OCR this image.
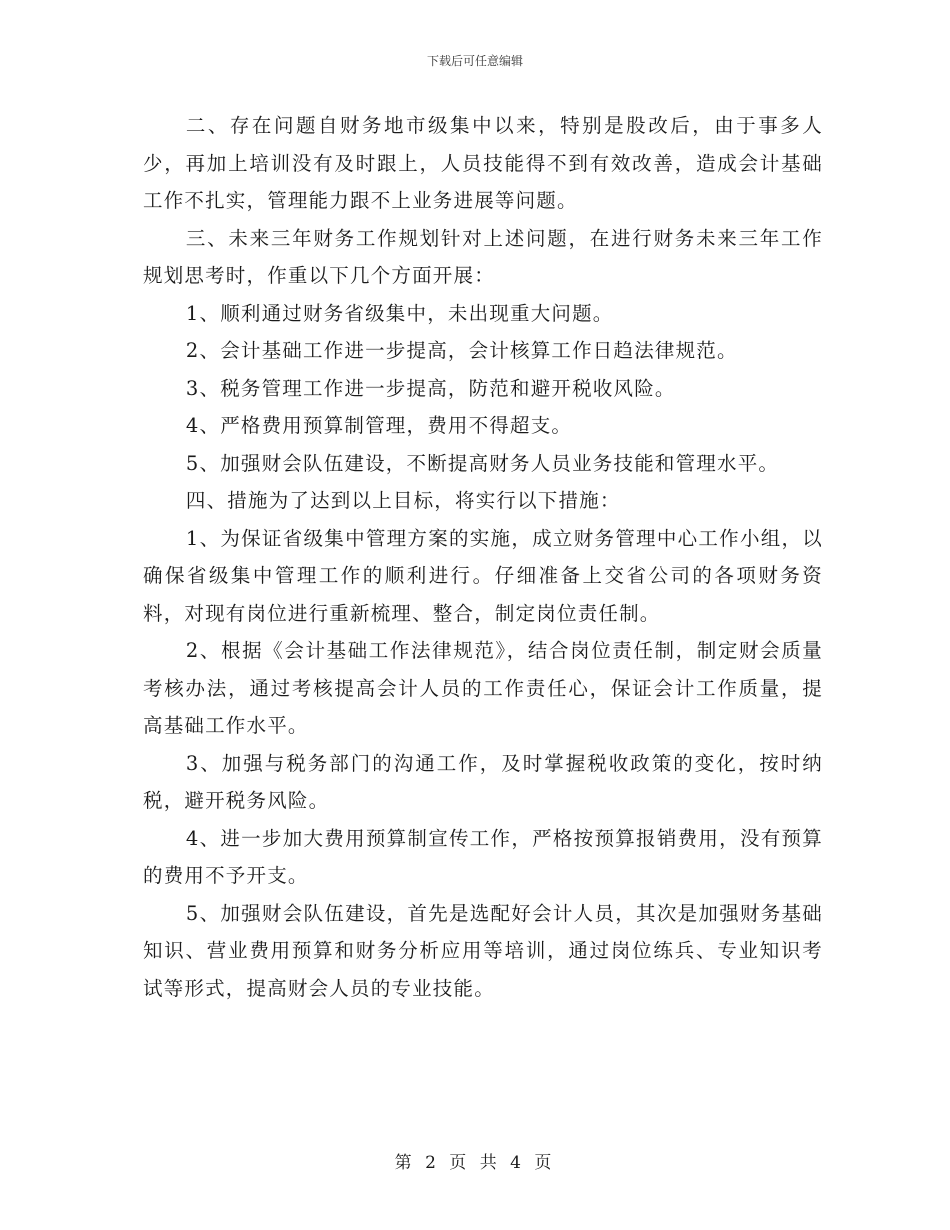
下载后可任意编辑

二、存在问题自财务地市级集中以来，特别是股改后，由于事多人少，再加上培训没有及时跟上，人员技能得不到有效改善，造成会计基础工作不扎实，管理能力跟不上业务进展等问题。

三、未来三年财务工作规划针对上述问题，在进行财务未来三年工作规划思考时，作重以下几个方面开展：

1、顺利通过财务省级集中，未出现重大问题。

2、会计基础工作进一步提高，会计核算工作日趋法律规范。

3、税务管理工作进一步提高，防范和避开税收风险。

4、严格费用预算制管理，费用不得超支。

5、加强财会队伍建设，不断提高财务人员业务技能和管理水平。

四、措施为了达到以上目标，将实行以下措施：

1、为保证省级集中管理方案的实施，成立财务管理中心工作小组，以确保省级集中管理工作的顺利进行。仔细准备上交省公司的各项财务资料，对现有岗位进行重新梳理、整合，制定岗位责任制。

2、根据《会计基础工作法律规范》，结合岗位责任制，制定财会质量考核办法，通过考核提高会计人员的工作责任心，保证会计工作质量，提高基础工作水平。

3、加强与税务部门的沟通工作，及时掌握税收政策的变化，按时纳税，避开税务风险。

4、进一步加大费用预算制宣传工作，严格按预算报销费用，没有预算的费用不予开支。

5、加强财会队伍建设，首先是选配好会计人员，其次是加强财务基础知识、营业费用预算和财务分析应用等培训，通过岗位练兵、专业知识考试等形式，提高财会人员的专业技能。

第 2 页 共 4 页
